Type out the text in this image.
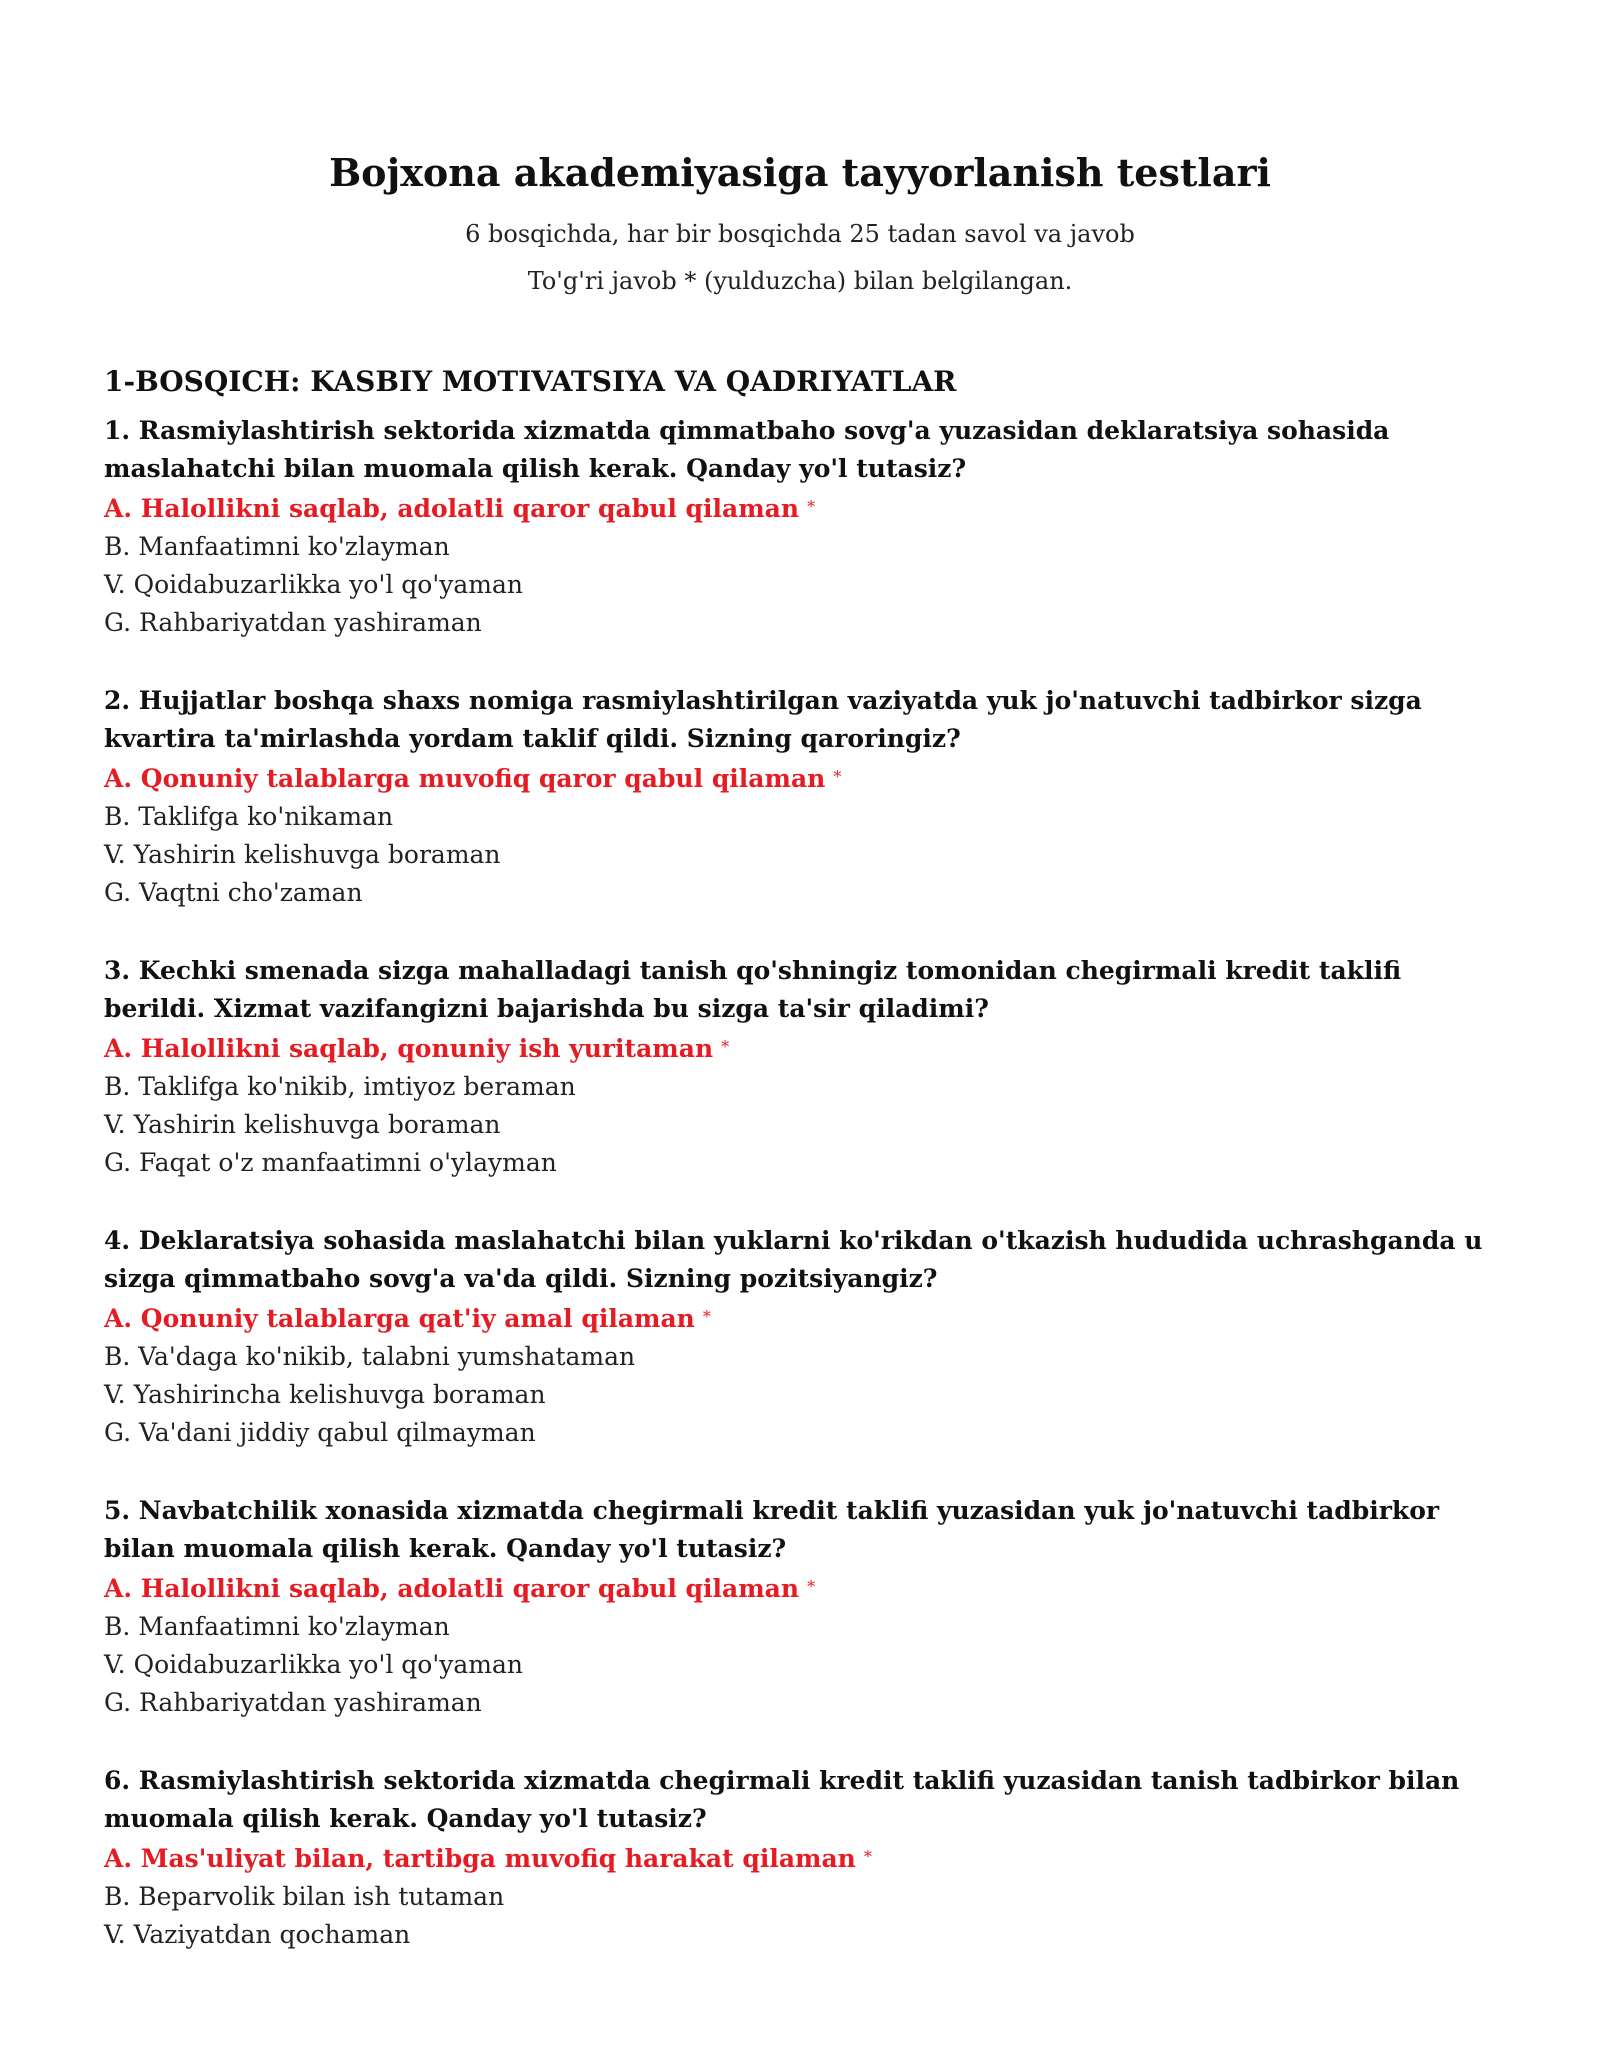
Bojxona akademiyasiga tayyorlanish testlari
6 bosqichda, har bir bosqichda 25 tadan savol va javob
To'g'ri javob * (yulduzcha) bilan belgilangan.
1-BOSQICH: KASBIY MOTIVATSIYA VA QADRIYATLAR
1. Rasmiylashtirish sektorida xizmatda qimmatbaho sovg'a yuzasidan deklaratsiya sohasida maslahatchi bilan muomala qilish kerak. Qanday yo'l tutasiz?
A. Halollikni saqlab, adolatli qaror qabul qilaman *
B. Manfaatimni ko'zlayman
V. Qoidabuzarlikka yo'l qo'yaman
G. Rahbariyatdan yashiraman
2. Hujjatlar boshqa shaxs nomiga rasmiylashtirilgan vaziyatda yuk jo'natuvchi tadbirkor sizga kvartira ta'mirlashda yordam taklif qildi. Sizning qaroringiz?
A. Qonuniy talablarga muvofiq qaror qabul qilaman *
B. Taklifga ko'nikaman
V. Yashirin kelishuvga boraman
G. Vaqtni cho'zaman
3. Kechki smenada sizga mahalladagi tanish qo'shningiz tomonidan chegirmali kredit taklifi berildi. Xizmat vazifangizni bajarishda bu sizga ta'sir qiladimi?
A. Halollikni saqlab, qonuniy ish yuritaman *
B. Taklifga ko'nikib, imtiyoz beraman
V. Yashirin kelishuvga boraman
G. Faqat o'z manfaatimni o'ylayman
4. Deklaratsiya sohasida maslahatchi bilan yuklarni ko'rikdan o'tkazish hududida uchrashganda u sizga qimmatbaho sovg'a va'da qildi. Sizning pozitsiyangiz?
A. Qonuniy talablarga qat'iy amal qilaman *
B. Va'daga ko'nikib, talabni yumshataman
V. Yashirincha kelishuvga boraman
G. Va'dani jiddiy qabul qilmayman
5. Navbatchilik xonasida xizmatda chegirmali kredit taklifi yuzasidan yuk jo'natuvchi tadbirkor bilan muomala qilish kerak. Qanday yo'l tutasiz?
A. Halollikni saqlab, adolatli qaror qabul qilaman *
B. Manfaatimni ko'zlayman
V. Qoidabuzarlikka yo'l qo'yaman
G. Rahbariyatdan yashiraman
6. Rasmiylashtirish sektorida xizmatda chegirmali kredit taklifi yuzasidan tanish tadbirkor bilan muomala qilish kerak. Qanday yo'l tutasiz?
A. Mas'uliyat bilan, tartibga muvofiq harakat qilaman *
B. Beparvolik bilan ish tutaman
V. Vaziyatdan qochaman
